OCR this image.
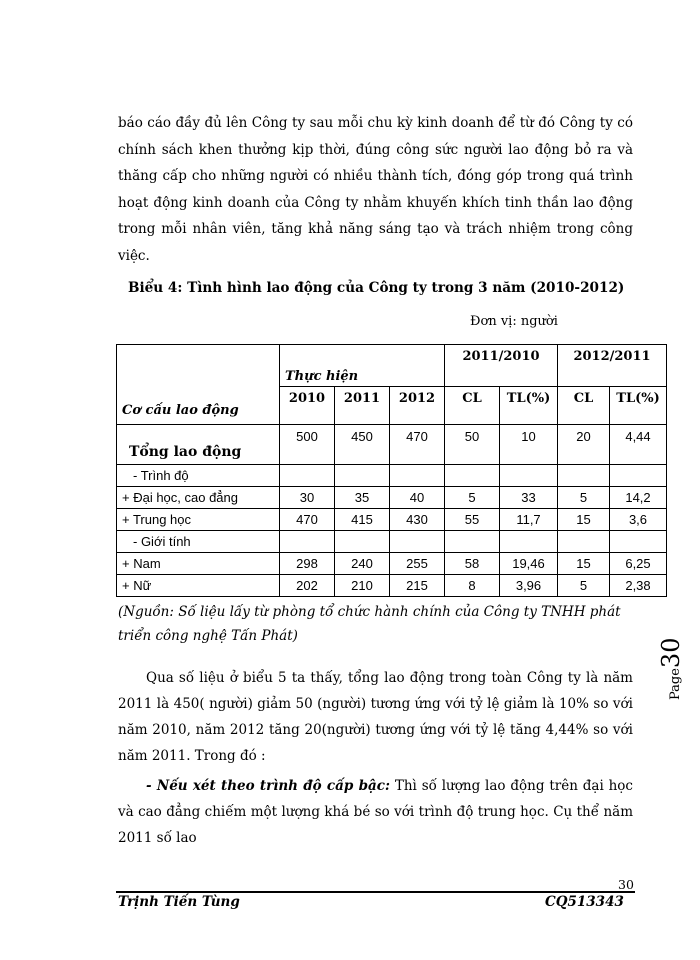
báo cáo đầy đủ lên Công ty sau mỗi chu kỳ kinh doanh để từ đó Công ty có chính sách khen thưởng kịp thời, đúng công sức người lao động bỏ ra và thăng cấp cho những người có nhiều thành tích, đóng góp trong quá trình hoạt động kinh doanh của Công ty nhằm khuyến khích tinh thần lao động trong mỗi nhân viên, tăng khả năng sáng tạo và trách nhiệm trong công việc.

Biểu 4: Tình hình lao động của Công ty trong 3 năm (2010-2012)
Đơn vị: người
Cơ cấu lao động	Thực hiện			2011/2010		2012/2011	
	2010	2011	2012	CL	TL(%)	CL	TL(%)
Tổng lao động	500	450	470	50	10	20	4,44
- Trình độ							
+ Đại học, cao đẳng	30	35	40	5	33	5	14,2
+ Trung học	470	415	430	55	11,7	15	3,6
- Giới tính							
+ Nam	298	240	255	58	19,46	15	6,25
+ Nữ	202	210	215	8	3,96	5	2,38
(Nguồn: Số liệu lấy từ phòng tổ chức hành chính của Công ty TNHH phát triển công nghệ Tấn Phát)
Page30

Qua số liệu ở biểu 5 ta thấy, tổng lao động trong toàn Công ty là năm 2011 là 450( người) giảm 50 (người) tương ứng với tỷ lệ giảm là 10% so với năm 2010, năm 2012 tăng 20(người) tương ứng với tỷ lệ tăng 4,44% so với năm 2011. Trong đó :

- Nếu xét theo trình độ cấp bậc: Thì số lượng lao động trên đại học và cao đẳng chiếm một lượng khá bé so với trình độ trung học. Cụ thể năm 2011 số lao

30
Trịnh Tiến Tùng	CQ513343
